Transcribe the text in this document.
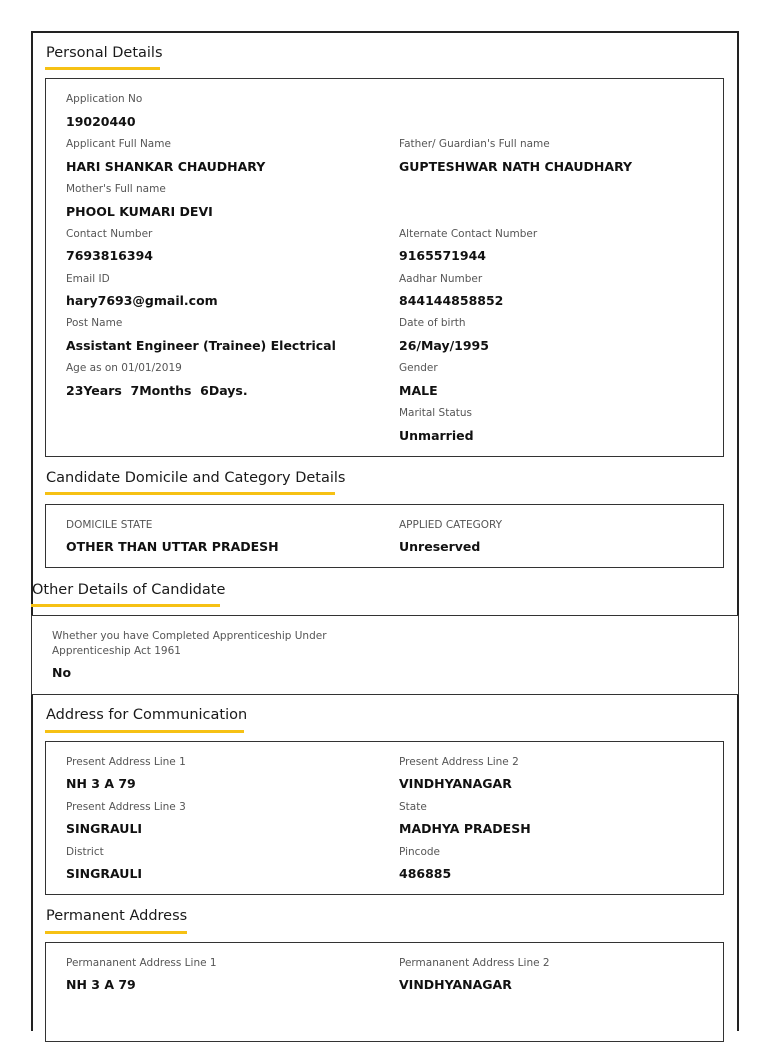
Personal Details
Application No
19020440
Applicant Full Name
HARI SHANKAR CHAUDHARY
Father/ Guardian's Full name
GUPTESHWAR NATH CHAUDHARY
Mother's Full name
PHOOL KUMARI DEVI
Contact Number
7693816394
Alternate Contact Number
9165571944
Email ID
hary7693@gmail.com
Aadhar Number
844144858852
Post Name
Assistant Engineer (Trainee) Electrical
Date of birth
26/May/1995
Age as on 01/01/2019
23Years  7Months  6Days.
Gender
MALE
Marital Status
Unmarried
Candidate Domicile and Category Details
DOMICILE STATE
OTHER THAN UTTAR PRADESH
APPLIED CATEGORY
Unreserved
Other Details of Candidate
Whether you have Completed Apprenticeship Under Apprenticeship Act 1961
No
Address for Communication
Present Address Line 1
NH 3 A 79
Present Address Line 2
VINDHYANAGAR
Present Address Line 3
SINGRAULI
State
MADHYA PRADESH
District
SINGRAULI
Pincode
486885
Permanent Address
Permananent Address Line 1
NH 3 A 79
Permananent Address Line 2
VINDHYANAGAR
